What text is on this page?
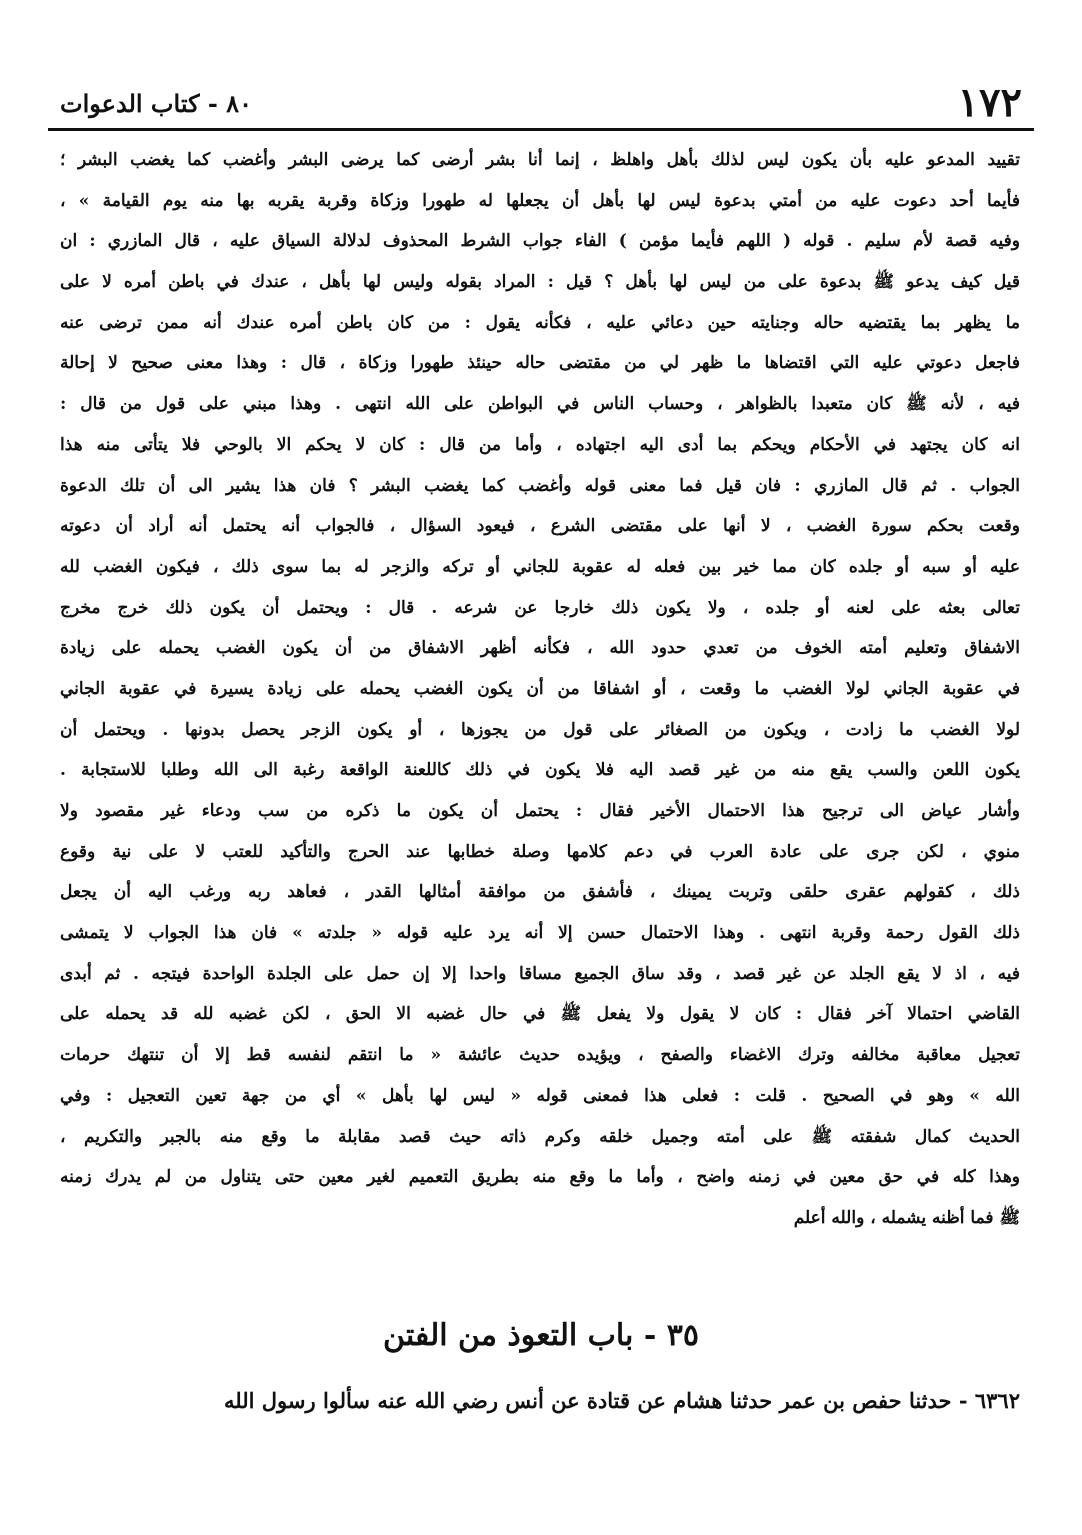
١٧٢
٨٠ - كتاب الدعوات
تقييد المدعو عليه بأن يكون ليس لذلك بأهل واهلظ ، إنما أنا بشر أرضى كما يرضى البشر وأغضب كما يغضب البشر ؛
فأيما أحد دعوت عليه من أمتي بدعوة ليس لها بأهل أن يجعلها له طهورا وزكاة وقربة يقربه بها منه يوم القيامة » ،
وفيه قصة لأم سليم . قوله ( اللهم فأيما مؤمن ) الفاء جواب الشرط المحذوف لدلالة السياق عليه ، قال المازري : ان
قيل كيف يدعو ﷺ بدعوة على من ليس لها بأهل ؟ قيل : المراد بقوله وليس لها بأهل ، عندك في باطن أمره لا على
ما يظهر بما يقتضيه حاله وجنايته حين دعائي عليه ، فكأنه يقول : من كان باطن أمره عندك أنه ممن ترضى عنه
فاجعل دعوتي عليه التي اقتضاها ما ظهر لي من مقتضى حاله حينئذ طهورا وزكاة ، قال : وهذا معنى صحيح لا إحالة
فيه ، لأنه ﷺ كان متعبدا بالظواهر ، وحساب الناس في البواطن على الله انتهى . وهذا مبني على قول من قال :
انه كان يجتهد في الأحكام ويحكم بما أدى اليه اجتهاده ، وأما من قال : كان لا يحكم الا بالوحي فلا يتأتى منه هذا
الجواب . ثم قال المازري : فان قيل فما معنى قوله وأغضب كما يغضب البشر ؟ فان هذا يشير الى أن تلك الدعوة
وقعت بحكم سورة الغضب ، لا أنها على مقتضى الشرع ، فيعود السؤال ، فالجواب أنه يحتمل أنه أراد أن دعوته
عليه أو سبه أو جلده كان مما خير بين فعله له عقوبة للجاني أو تركه والزجر له بما سوى ذلك ، فيكون الغضب لله
تعالى بعثه على لعنه أو جلده ، ولا يكون ذلك خارجا عن شرعه . قال : ويحتمل أن يكون ذلك خرج مخرج
الاشفاق وتعليم أمته الخوف من تعدي حدود الله ، فكأنه أظهر الاشفاق من أن يكون الغضب يحمله على زيادة
في عقوبة الجاني لولا الغضب ما وقعت ، أو اشفاقا من أن يكون الغضب يحمله على زيادة يسيرة في عقوبة الجاني
لولا الغضب ما زادت ، ويكون من الصغائر على قول من يجوزها ، أو يكون الزجر يحصل بدونها . ويحتمل أن
يكون اللعن والسب يقع منه من غير قصد اليه فلا يكون في ذلك كاللعنة الواقعة رغبة الى الله وطلبا للاستجابة .
وأشار عياض الى ترجيح هذا الاحتمال الأخير فقال : يحتمل أن يكون ما ذكره من سب ودعاء غير مقصود ولا
منوي ، لكن جرى على عادة العرب في دعم كلامها وصلة خطابها عند الحرج والتأكيد للعتب لا على نية وقوع
ذلك ، كقولهم عقرى حلقى وتربت يمينك ، فأشفق من موافقة أمثالها القدر ، فعاهد ربه ورغب اليه أن يجعل
ذلك القول رحمة وقربة انتهى . وهذا الاحتمال حسن إلا أنه يرد عليه قوله « جلدته » فان هذا الجواب لا يتمشى
فيه ، اذ لا يقع الجلد عن غير قصد ، وقد ساق الجميع مساقا واحدا إلا إن حمل على الجلدة الواحدة فيتجه . ثم أبدى
القاضي احتمالا آخر فقال : كان لا يقول ولا يفعل ﷺ في حال غضبه الا الحق ، لكن غضبه لله قد يحمله على
تعجيل معاقبة مخالفه وترك الاغضاء والصفح ، ويؤيده حديث عائشة « ما انتقم لنفسه قط إلا أن تنتهك حرمات
الله » وهو في الصحيح . قلت : فعلى هذا فمعنى قوله « ليس لها بأهل » أي من جهة تعين التعجيل : وفي
الحديث كمال شفقته ﷺ على أمته وجميل خلقه وكرم ذاته حيث قصد مقابلة ما وقع منه بالجبر والتكريم ،
وهذا كله في حق معين في زمنه واضح ، وأما ما وقع منه بطريق التعميم لغير معين حتى يتناول من لم يدرك زمنه
ﷺ فما أظنه يشمله ، والله أعلم
٣٥ - باب التعوذ من الفتن
٦٣٦٢ - حدثنا حفص بن عمر حدثنا هشام عن قتادة عن أنس رضي الله عنه سألوا رسول الله
